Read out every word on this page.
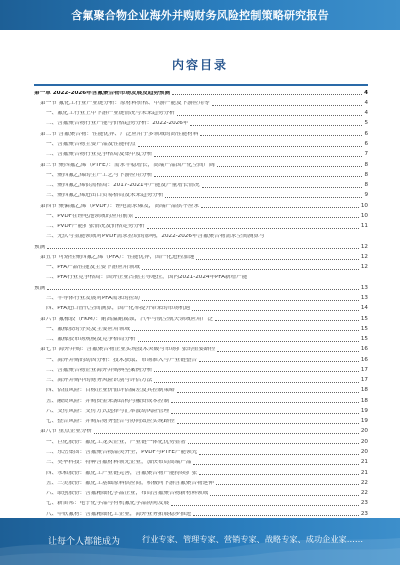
含氟聚合物企业海外并购财务风险控制策略研究报告
内容目录
第一章 2022-2026年含氟聚合物市场发展及趋势预测	4
第一节 氟化工行业产业链分析：原材料价格、中游产能及下游应用等	4
一、氟化工行业上中下游产业链情况与未来趋势分析	4
二、含氟聚合物行业产能与价格趋势分析：2022-2026年	5
第二节 含氟聚合物：性能优异、广泛应用于多领域的高性能材料	6
一、含氟聚合物主要产品及性能特点	6
二、含氟聚合物行业竞争格局及集中度分析	7
第三节 聚四氟乙烯（PTFE）：需求平稳增长，高端产品国产化空间广阔	8
一、聚四氟乙烯的生产工艺与下游应用分析	8
二、聚四氟乙烯供需格局：2017-2021年产能及产量增长情况	8
三、聚四氟乙烯进出口贸易格局及未来趋势分析	9
第四节 聚偏氟乙烯（PVDF）：锂电需求爆发，高端产品供不应求	10
一、PVDF在锂电池领域的应用前景	10
二、PVDF产能扩张情况及价格走势分析	11
三、光伏与氢能领域对PVDF需求拉动的影响，2022-2026年含氟聚合物需求空间测算与
预测	12
第五节 可熔性聚四氟乙烯（PFA）：性能优异，国产化进程加速	12
一、PFA产品性能及主要下游应用领域	12
二、PFA行业竞争格局：国外企业占据主导地位，国内2021-2024年PFA新增产能
预测	13
三、半导体行业发展对PFA需求的拉动	13
四、PFA进口替代空间测算，国产化率提升带来的市场机遇	14
第六节 氟橡胶（FKM）：耐高温耐腐蚀，汽车与航空航天领域应用广泛	15
一、氟橡胶的分类及主要应用领域	15
二、氟橡胶市场规模及竞争格局分析	15
第七节 海外并购：含氟聚合物企业实现技术突破与市场扩张的重要路径	16
一、海外并购的动因分析：技术获取、市场准入与产业链整合	16
二、含氟聚合物企业海外并购典型案例分析	17
三、海外并购中的财务风险识别与评估方法	17
四、估值风险：目标企业价值评估偏差及其控制策略	18
五、融资风险：并购资金来源结构与融资成本控制	18
六、支付风险：支付方式选择与汇率波动风险管理	19
七、整合风险：并购后财务整合与协同效应实现路径	19
第八节 重点企业分析	20
一、巨化股份：氟化工龙头企业，产业链一体化优势显著	20
二、东岳集团：含氟聚合物品类齐全，PVDF与PTFE产能领先	20
三、昊华科技：特种含氟材料领先企业，加快布局高端产品	21
四、永和股份：氟化工产业链完善，含氟聚合物产能持续扩张	21
五、三美股份：氟化工基础原料供应商，积极向下游含氟聚合物延伸	22
六、联创股份：含氟精细化学品企业，布局含氟聚合物新材料领域	22
七、新宙邦：电子化学品与有机氟化学品协同发展	23
八、中欣氟材：含氟精细化工企业，海外业务拓展稳步推进	23
让每个人都能成为	行业专家、管理专家、营销专家、战略专家、成功企业家……
